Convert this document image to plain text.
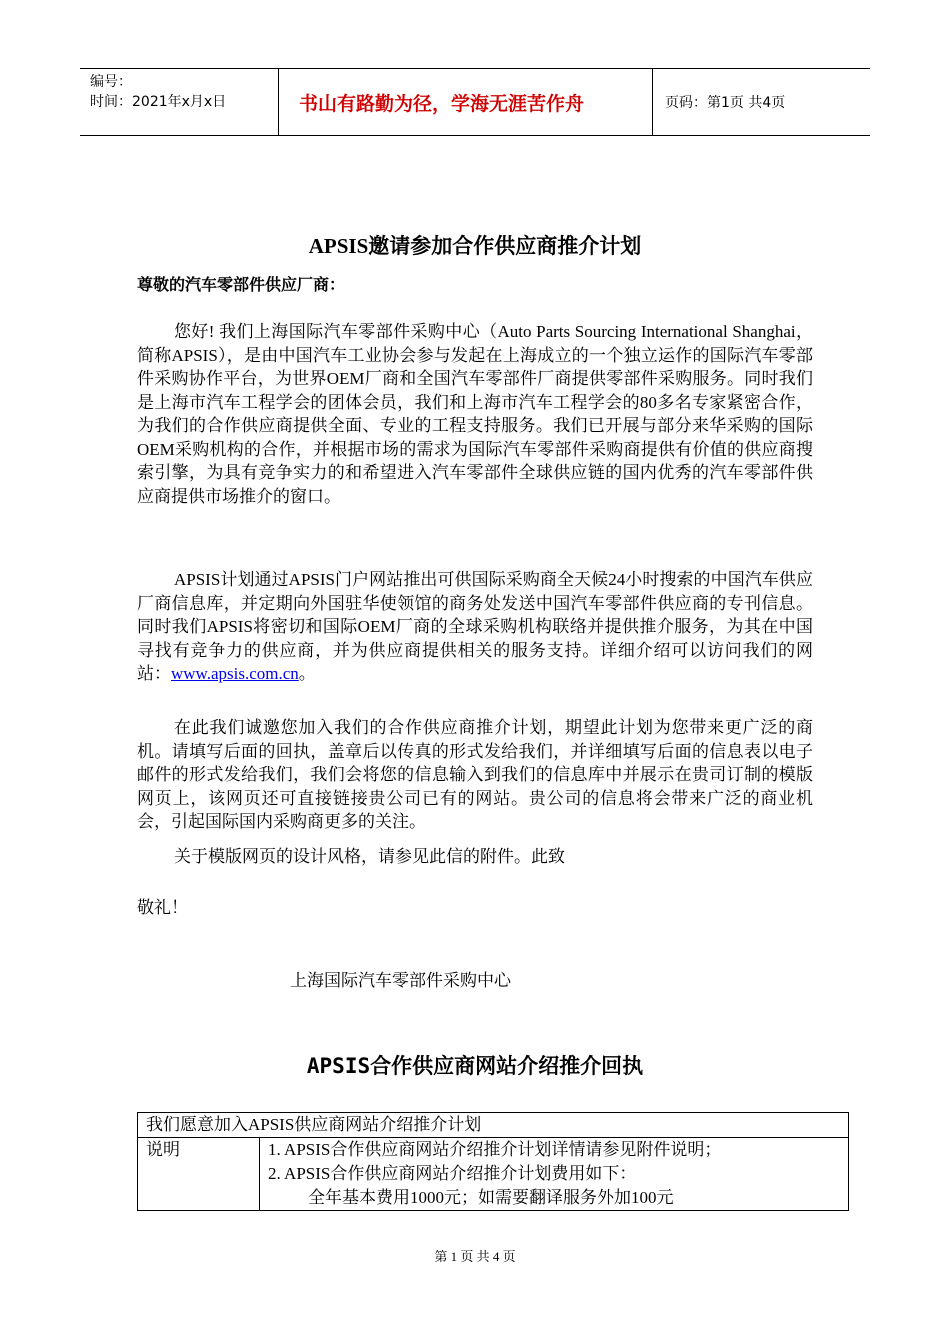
编号：
时间：2021年x月x日	书山有路勤为径，学海无涯苦作舟	页码：第1页 共4页
APSIS邀请参加合作供应商推介计划
尊敬的汽车零部件供应厂商：

您好! 我们上海国际汽车零部件采购中心（Auto Parts Sourcing International Shanghai，简称APSIS），是由中国汽车工业协会参与发起在上海成立的一个独立运作的国际汽车零部件采购协作平台，为世界OEM厂商和全国汽车零部件厂商提供零部件采购服务。同时我们是上海市汽车工程学会的团体会员，我们和上海市汽车工程学会的80多名专家紧密合作，为我们的合作供应商提供全面、专业的工程支持服务。我们已开展与部分来华采购的国际OEM采购机构的合作，并根据市场的需求为国际汽车零部件采购商提供有价值的供应商搜索引擎，为具有竞争实力的和希望进入汽车零部件全球供应链的国内优秀的汽车零部件供应商提供市场推介的窗口。

APSIS计划通过APSIS门户网站推出可供国际采购商全天候24小时搜索的中国汽车供应厂商信息库，并定期向外国驻华使领馆的商务处发送中国汽车零部件供应商的专刊信息。同时我们APSIS将密切和国际OEM厂商的全球采购机构联络并提供推介服务，为其在中国寻找有竞争力的供应商，并为供应商提供相关的服务支持。详细介绍可以访问我们的网站：www.apsis.com.cn。

在此我们诚邀您加入我们的合作供应商推介计划，期望此计划为您带来更广泛的商机。请填写后面的回执，盖章后以传真的形式发给我们，并详细填写后面的信息表以电子邮件的形式发给我们，我们会将您的信息输入到我们的信息库中并展示在贵司订制的模版网页上，该网页还可直接链接贵公司已有的网站。贵公司的信息将会带来广泛的商业机会，引起国际国内采购商更多的关注。

关于模版网页的设计风格，请参见此信的附件。此致

敬礼！
上海国际汽车零部件采购中心
APSIS合作供应商网站介绍推介回执
我们愿意加入APSIS供应商网站介绍推介计划
说明	1. APSIS合作供应商网站介绍推介计划详情请参见附件说明；
2. APSIS合作供应商网站介绍推介计划费用如下：
全年基本费用1000元；如需要翻译服务外加100元
第 1 页 共 4 页
